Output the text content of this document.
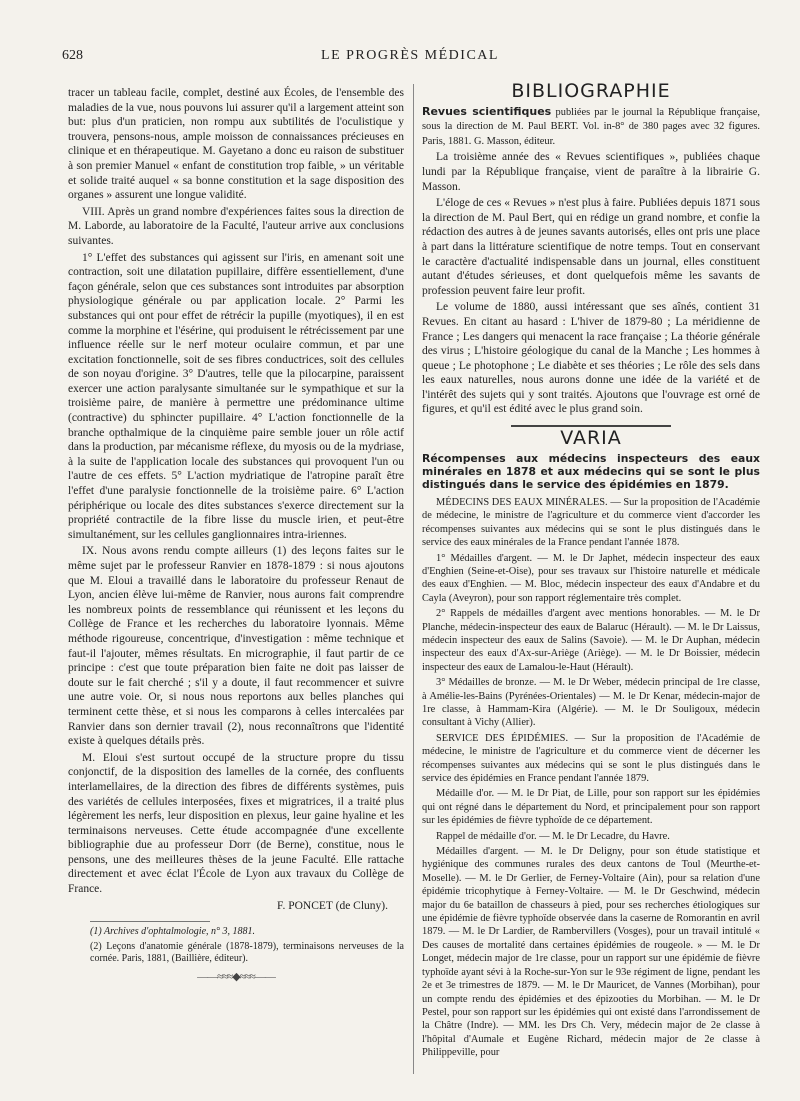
628	LE PROGRÈS MÉDICAL

tracer un tableau facile, complet, destiné aux Écoles, de l'ensemble des maladies de la vue, nous pouvons lui assurer qu'il a largement atteint son but: plus d'un praticien, non rompu aux subtilités de l'oculistique y trouvera, pensons-nous, ample moisson de connaissances précieuses en clinique et en thérapeutique. M. Gayetano a donc eu raison de substituer à son premier Manuel « enfant de constitution trop faible, » un véritable et solide traité auquel « sa bonne constitution et la sage disposition des organes » assurent une longue validité.

VIII. Après un grand nombre d'expériences faites sous la direction de M. Laborde, au laboratoire de la Faculté, l'auteur arrive aux conclusions suivantes.

1° L'effet des substances qui agissent sur l'iris, en amenant soit une contraction, soit une dilatation pupillaire, diffère essentiellement, d'une façon générale, selon que ces substances sont introduites par absorption physiologique générale ou par application locale. 2° Parmi les substances qui ont pour effet de rétrécir la pupille (myotiques), il en est comme la morphine et l'ésérine, qui produisent le rétrécissement par une influence réelle sur le nerf moteur oculaire commun, et par une excitation fonctionnelle, soit de ses fibres conductrices, soit des cellules de son noyau d'origine. 3° D'autres, telle que la pilocarpine, paraissent exercer une action paralysante simultanée sur le sympathique et sur la troisième paire, de manière à permettre une prédominance ultime (contractive) du sphincter pupillaire. 4° L'action fonctionnelle de la branche opthalmique de la cinquième paire semble jouer un rôle actif dans la production, par mécanisme réflexe, du myosis ou de la mydriase, à la suite de l'application locale des substances qui provoquent l'un ou l'autre de ces effets. 5° L'action mydriatique de l'atropine paraît être l'effet d'une paralysie fonctionnelle de la troisième paire. 6° L'action périphérique ou locale des dites substances s'exerce directement sur la propriété contractile de la fibre lisse du muscle irien, et peut-être simultanément, sur les cellules ganglionnaires intra-iriennes.

IX. Nous avons rendu compte ailleurs (1) des leçons faites sur le même sujet par le professeur Ranvier en 1878-1879 : si nous ajoutons que M. Eloui a travaillé dans le laboratoire du professeur Renaut de Lyon, ancien élève lui-même de Ranvier, nous aurons fait comprendre les nombreux points de ressemblance qui réunissent et les leçons du Collège de France et les recherches du laboratoire lyonnais. Même méthode rigoureuse, concentrique, d'investigation : même technique et faut-il l'ajouter, mêmes résultats. En micrographie, il faut partir de ce principe : c'est que toute préparation bien faite ne doit pas laisser de doute sur le fait cherché ; s'il y a doute, il faut recommencer et suivre une autre voie. Or, si nous nous reportons aux belles planches qui terminent cette thèse, et si nous les comparons à celles intercalées par Ranvier dans son dernier travail (2), nous reconnaîtrons que l'identité existe à quelques détails près.

M. Eloui s'est surtout occupé de la structure propre du tissu conjonctif, de la disposition des lamelles de la cornée, des confluents interlamellaires, de la direction des fibres de différents systèmes, puis des variétés de cellules interposées, fixes et migratrices, il a traité plus légèrement les nerfs, leur disposition en plexus, leur gaine hyaline et les terminaisons nerveuses. Cette étude accompagnée d'une excellente bibliographie due au professeur Dorr (de Berne), constitue, nous le pensons, une des meilleures thèses de la jeune Faculté. Elle rattache directement et avec éclat l'École de Lyon aux travaux du Collège de France.

F. PONCET (de Cluny).

(1) Archives d'ophtalmologie, n° 3, 1881.

(2) Leçons d'anatomie générale (1878-1879), terminaisons nerveuses de la cornée. Paris, 1881, (Baillière, éditeur).

——≈≈≈◆≈≈≈——
BIBLIOGRAPHIE

Revues scientifiques publiées par le journal la République française, sous la direction de M. Paul BERT. Vol. in-8° de 380 pages avec 32 figures. Paris, 1881. G. Masson, éditeur.

La troisième année des « Revues scientifiques », publiées chaque lundi par la République française, vient de paraître à la librairie G. Masson.

L'éloge de ces « Revues » n'est plus à faire. Publiées depuis 1871 sous la direction de M. Paul Bert, qui en rédige un grand nombre, et confie la rédaction des autres à de jeunes savants autorisés, elles ont pris une place à part dans la littérature scientifique de notre temps. Tout en conservant le caractère d'actualité indispensable dans un journal, elles constituent autant d'études sérieuses, et dont quelquefois même les savants de profession peuvent faire leur profit.

Le volume de 1880, aussi intéressant que ses aînés, contient 31 Revues. En citant au hasard : L'hiver de 1879-80 ; La méridienne de France ; Les dangers qui menacent la race française ; La théorie générale des virus ; L'histoire géologique du canal de la Manche ; Les hommes à queue ; Le photophone ; Le diabète et ses théories ; Le rôle des sels dans les eaux naturelles, nous aurons donne une idée de la variété et de l'intérêt des sujets qui y sont traités. Ajoutons que l'ouvrage est orné de figures, et qu'il est édité avec le plus grand soin.

VARIA
Récompenses aux médecins inspecteurs des eaux minérales en 1878 et aux médecins qui se sont le plus distingués dans le service des épidémies en 1879.

MÉDECINS DES EAUX MINÉRALES. — Sur la proposition de l'Académie de médecine, le ministre de l'agriculture et du commerce vient d'accorder les récompenses suivantes aux médecins qui se sont le plus distingués dans le service des eaux minérales de la France pendant l'année 1878.

1° Médailles d'argent. — M. le Dr Japhet, médecin inspecteur des eaux d'Enghien (Seine-et-Oise), pour ses travaux sur l'histoire naturelle et médicale des eaux d'Enghien. — M. Bloc, médecin inspecteur des eaux d'Andabre et du Cayla (Aveyron), pour son rapport réglementaire très complet.

2° Rappels de médailles d'argent avec mentions honorables. — M. le Dr Planche, médecin-inspecteur des eaux de Balaruc (Hérault). — M. le Dr Laissus, médecin inspecteur des eaux de Salins (Savoie). — M. le Dr Auphan, médecin inspecteur des eaux d'Ax-sur-Ariège (Ariège). — M. le Dr Boissier, médecin inspecteur des eaux de Lamalou-le-Haut (Hérault).

3° Médailles de bronze. — M. le Dr Weber, médecin principal de 1re classe, à Amélie-les-Bains (Pyrénées-Orientales) — M. le Dr Kenar, médecin-major de 1re classe, à Hammam-Kira (Algérie). — M. le Dr Souligoux, médecin consultant à Vichy (Allier).

SERVICE DES ÉPIDÉMIES. — Sur la proposition de l'Académie de médecine, le ministre de l'agriculture et du commerce vient de décerner les récompenses suivantes aux médecins qui se sont le plus distingués dans le service des épidémies en France pendant l'année 1879.

Médaille d'or. — M. le Dr Piat, de Lille, pour son rapport sur les épidémies qui ont régné dans le département du Nord, et principalement pour son rapport sur les épidémies de fièvre typhoïde de ce département.

Rappel de médaille d'or. — M. le Dr Lecadre, du Havre.

Médailles d'argent. — M. le Dr Deligny, pour son étude statistique et hygiénique des communes rurales des deux cantons de Toul (Meurthe-et-Moselle). — M. le Dr Gerlier, de Ferney-Voltaire (Ain), pour sa relation d'une épidémie tricophytique à Ferney-Voltaire. — M. le Dr Geschwind, médecin major du 6e bataillon de chasseurs à pied, pour ses recherches étiologiques sur une épidémie de fièvre typhoïde observée dans la caserne de Romorantin en avril 1879. — M. le Dr Lardier, de Rambervillers (Vosges), pour un travail intitulé « Des causes de mortalité dans certaines épidémies de rougeole. » — M. le Dr Longet, médecin major de 1re classe, pour un rapport sur une épidémie de fièvre typhoïde ayant sévi à la Roche-sur-Yon sur le 93e régiment de ligne, pendant les 2e et 3e trimestres de 1879. — M. le Dr Mauricet, de Vannes (Morbihan), pour un compte rendu des épidémies et des épizooties du Morbihan. — M. le Dr Pestel, pour son rapport sur les épidémies qui ont existé dans l'arrondissement de la Châtre (Indre). — MM. les Drs Ch. Very, médecin major de 2e classe à l'hôpital d'Aumale et Eugène Richard, médecin major de 2e classe à Philippeville, pour
